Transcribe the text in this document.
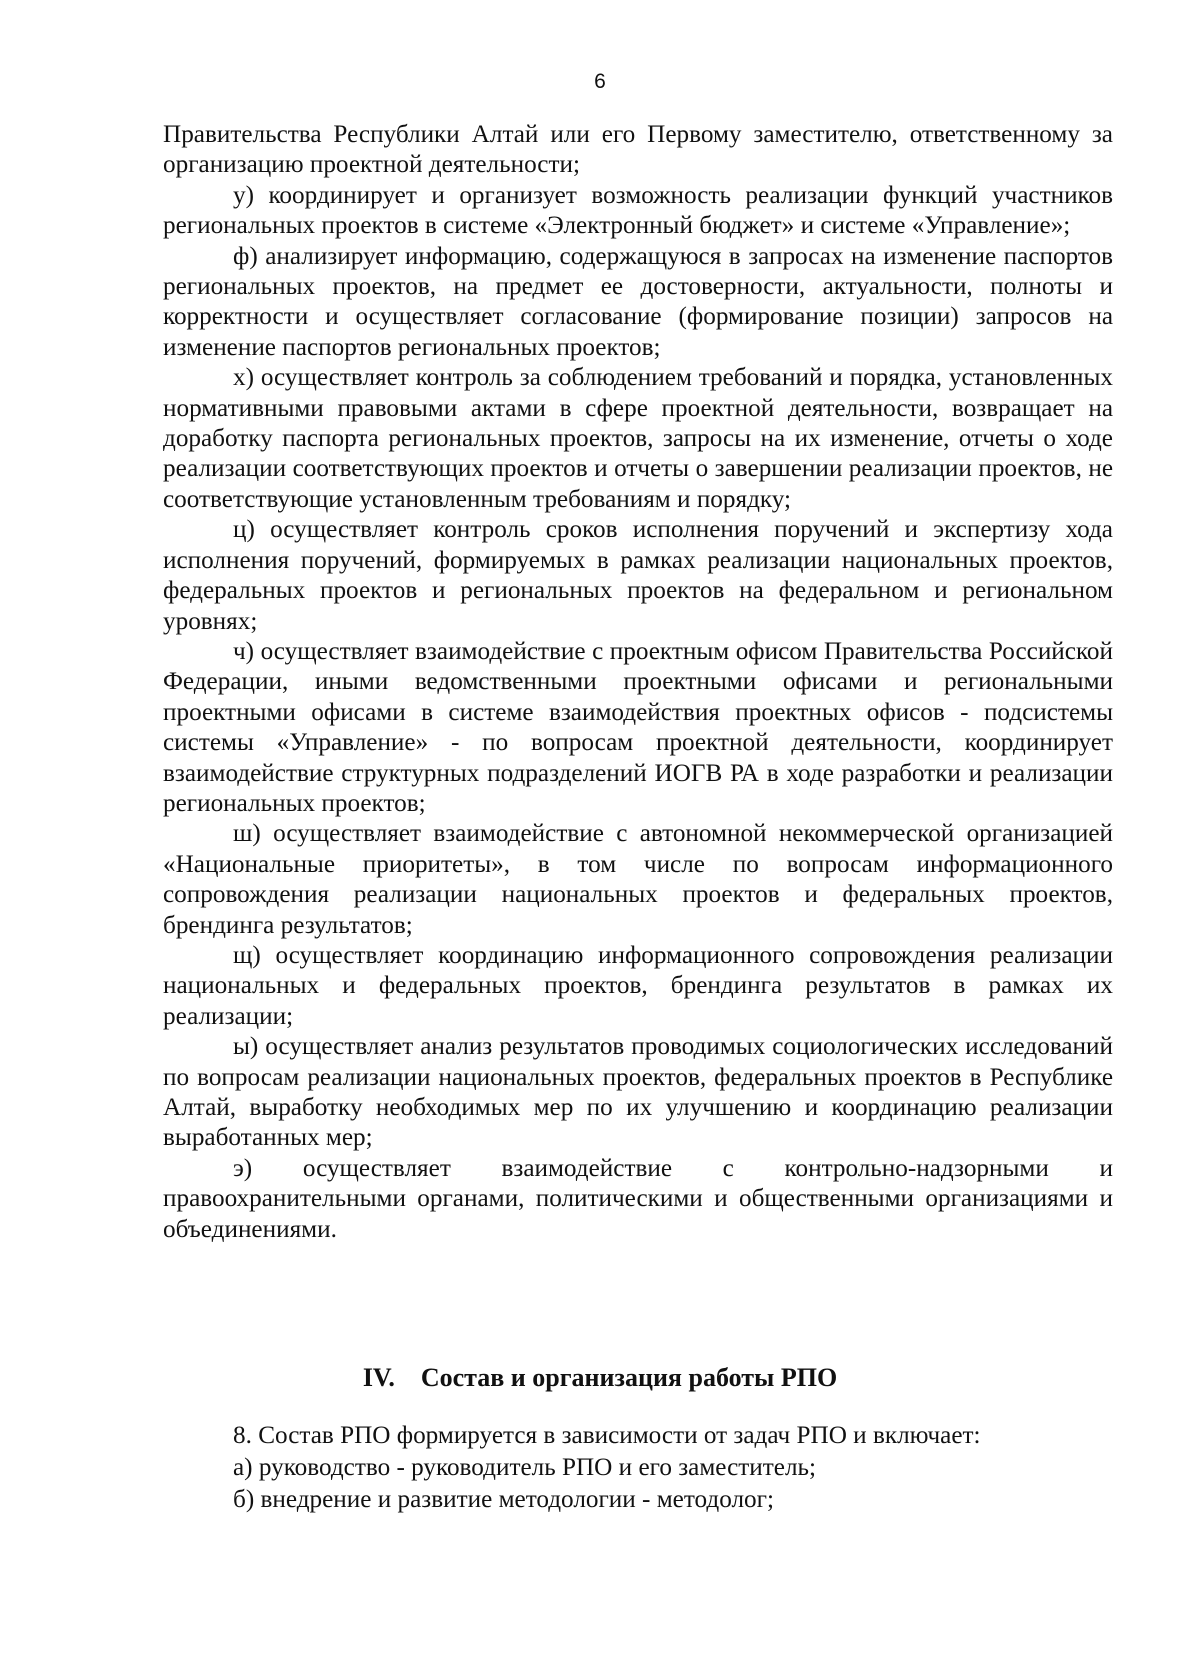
6

Правительства Республики Алтай или его Первому заместителю, ответственному за организацию проектной деятельности;

у) координирует и организует возможность реализации функций участников региональных проектов в системе «Электронный бюджет» и системе «Управление»;

ф) анализирует информацию, содержащуюся в запросах на изменение паспортов региональных проектов, на предмет ее достоверности, актуальности, полноты и корректности и осуществляет согласование (формирование позиции) запросов на изменение паспортов региональных проектов;

х) осуществляет контроль за соблюдением требований и порядка, установленных нормативными правовыми актами в сфере проектной деятельности, возвращает на доработку паспорта региональных проектов, запросы на их изменение, отчеты о ходе реализации соответствующих проектов и отчеты о завершении реализации проектов, не соответствующие установленным требованиям и порядку;

ц) осуществляет контроль сроков исполнения поручений и экспертизу хода исполнения поручений, формируемых в рамках реализации национальных проектов, федеральных проектов и региональных проектов на федеральном и региональном уровнях;

ч) осуществляет взаимодействие с проектным офисом Правительства Российской Федерации, иными ведомственными проектными офисами и региональными проектными офисами в системе взаимодействия проектных офисов - подсистемы системы «Управление» - по вопросам проектной деятельности, координирует взаимодействие структурных подразделений ИОГВ РА в ходе разработки и реализации региональных проектов;

ш) осуществляет взаимодействие с автономной некоммерческой организацией «Национальные приоритеты», в том числе по вопросам информационного сопровождения реализации национальных проектов и федеральных проектов, брендинга результатов;

щ) осуществляет координацию информационного сопровождения реализации национальных и федеральных проектов, брендинга результатов в рамках их реализации;

ы) осуществляет анализ результатов проводимых социологических исследований по вопросам реализации национальных проектов, федеральных проектов в Республике Алтай, выработку необходимых мер по их улучшению и координацию реализации выработанных мер;

э) осуществляет взаимодействие с контрольно-надзорными и правоохранительными органами, политическими и общественными организациями и объединениями.

IV. Состав и организация работы РПО

8. Состав РПО формируется в зависимости от задач РПО и включает:

а) руководство - руководитель РПО и его заместитель;

б) внедрение и развитие методологии - методолог;
